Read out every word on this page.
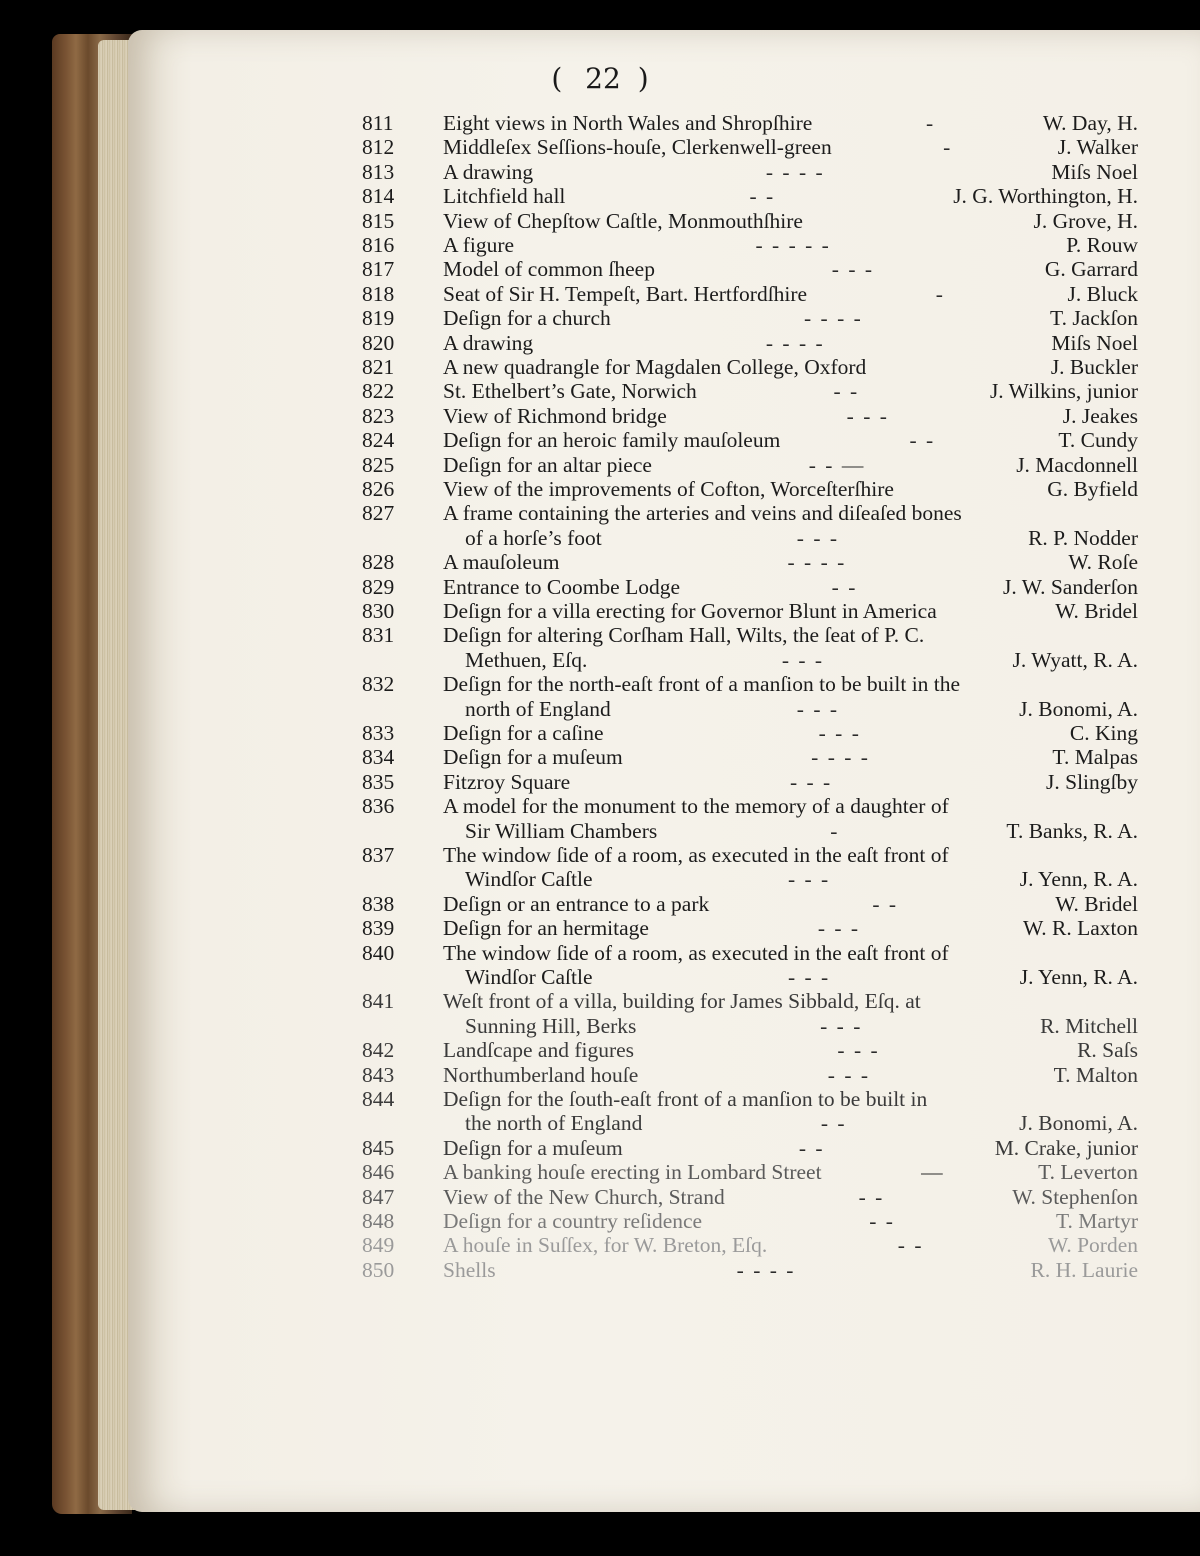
( 22 )
811 Eight views in North Wales and Shropſhire	-	W. Day, H.
812 Middleſex Seſſions-houſe, Clerkenwell-green	-	J. Walker
813 A drawing	- - - -	Miſs Noel
814 Litchfield hall	- -	J. G. Worthington, H.
815 View of Chepſtow Caſtle, Monmouthſhire	J. Grove, H.
816 A figure	- - - - -	P. Rouw
817 Model of common ſheep	- - -	G. Garrard
818 Seat of Sir H. Tempeſt, Bart. Hertfordſhire	-	J. Bluck
819 Deſign for a church	- - - -	T. Jackſon
820 A drawing	- - - -	Miſs Noel
821 A new quadrangle for Magdalen College, Oxford	J. Buckler
822 St. Ethelbert’s Gate, Norwich	- -	J. Wilkins, junior
823 View of Richmond bridge	- - -	J. Jeakes
824 Deſign for an heroic family mauſoleum	- -	T. Cundy
825 Deſign for an altar piece	- - —	J. Macdonnell
826 View of the improvements of Cofton, Worceſterſhire	G. Byfield
827 A frame containing the arteries and veins and diſeaſed bones
of a horſe’s foot	- - -	R. P. Nodder
828 A mauſoleum	- - - -	W. Roſe
829 Entrance to Coombe Lodge	- -	J. W. Sanderſon
830 Deſign for a villa erecting for Governor Blunt in America	W. Bridel
831 Deſign for altering Corſham Hall, Wilts, the ſeat of P. C.
Methuen, Eſq.	- - -	J. Wyatt, R. A.
832 Deſign for the north-eaſt front of a manſion to be built in the
north of England	- - -	J. Bonomi, A.
833 Deſign for a caſine	- - -	C. King
834 Deſign for a muſeum	- - - -	T. Malpas
835 Fitzroy Square	- - -	J. Slingſby
836 A model for the monument to the memory of a daughter of
Sir William Chambers	-	T. Banks, R. A.
837 The window ſide of a room, as executed in the eaſt front of
Windſor Caſtle	- - -	J. Yenn, R. A.
838 Deſign or an entrance to a park	- -	W. Bridel
839 Deſign for an hermitage	- - -	W. R. Laxton
840 The window ſide of a room, as executed in the eaſt front of
Windſor Caſtle	- - -	J. Yenn, R. A.
841 Weſt front of a villa, building for James Sibbald, Eſq. at
Sunning Hill, Berks	- - -	R. Mitchell
842 Landſcape and figures	- - -	R. Saſs
843 Northumberland houſe	- - -	T. Malton
844 Deſign for the ſouth-eaſt front of a manſion to be built in
the north of England	- -	J. Bonomi, A.
845 Deſign for a muſeum	- -	M. Crake, junior
846 A banking houſe erecting in Lombard Street	—	T. Leverton
847 View of the New Church, Strand	- -	W. Stephenſon
848 Deſign for a country reſidence	- -	T. Martyr
849 A houſe in Suſſex, for W. Breton, Eſq.	- -	W. Porden
850 Shells	- - - -	R. H. Laurie
